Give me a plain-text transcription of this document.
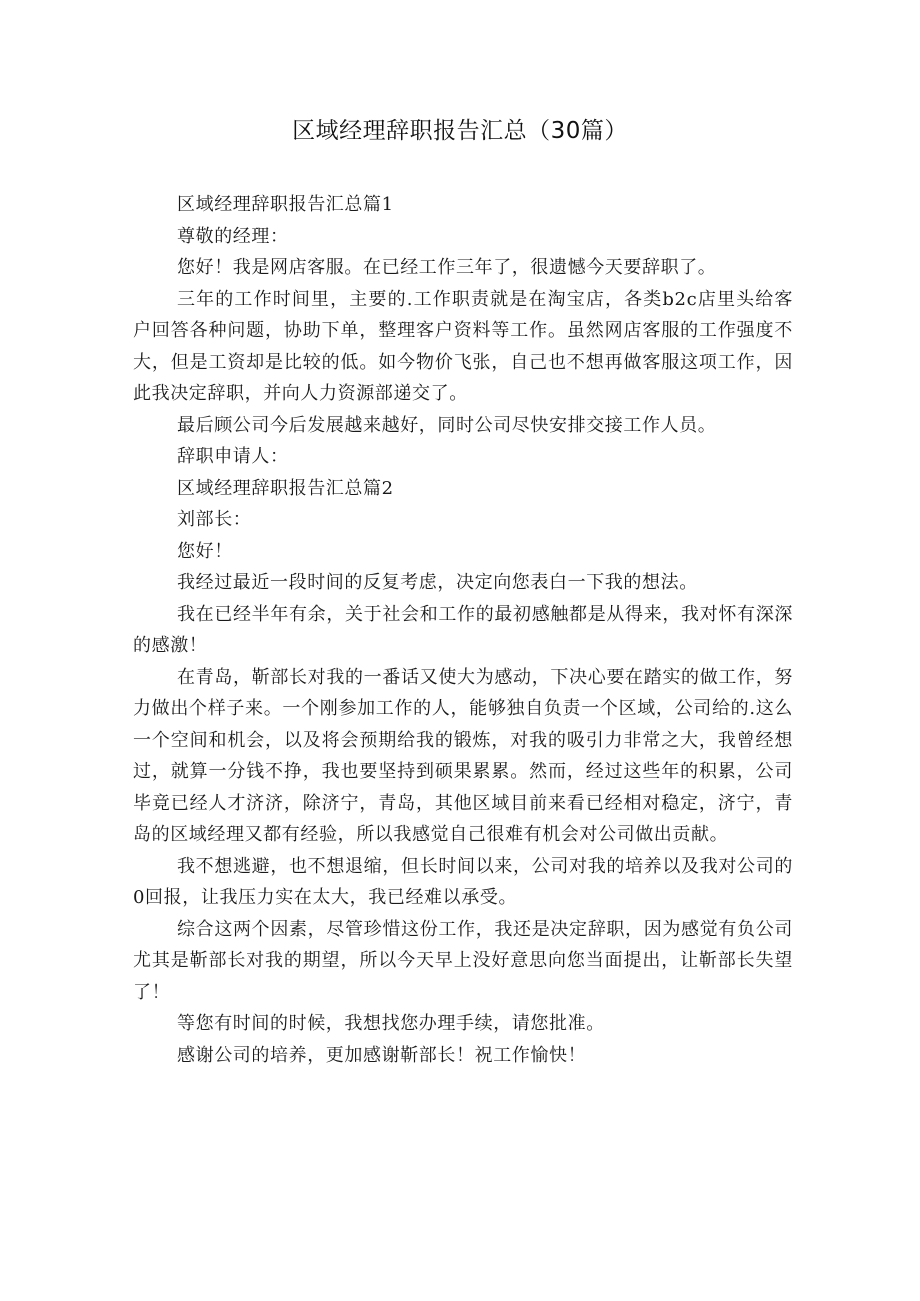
区域经理辞职报告汇总（30篇）

区域经理辞职报告汇总篇1

尊敬的经理：

您好！我是网店客服。在已经工作三年了，很遗憾今天要辞职了。

三年的工作时间里，主要的.工作职责就是在淘宝店，各类b2c店里头给客户回答各种问题，协助下单，整理客户资料等工作。虽然网店客服的工作强度不大，但是工资却是比较的低。如今物价飞张，自己也不想再做客服这项工作，因此我决定辞职，并向人力资源部递交了。

最后顾公司今后发展越来越好，同时公司尽快安排交接工作人员。

辞职申请人：

区域经理辞职报告汇总篇2

刘部长：

您好！

我经过最近一段时间的反复考虑，决定向您表白一下我的想法。

我在已经半年有余，关于社会和工作的最初感触都是从得来，我对怀有深深的感激！

在青岛，靳部长对我的一番话又使大为感动，下决心要在踏实的做工作，努力做出个样子来。一个刚参加工作的人，能够独自负责一个区域，公司给的.这么一个空间和机会，以及将会预期给我的锻炼，对我的吸引力非常之大，我曾经想过，就算一分钱不挣，我也要坚持到硕果累累。然而，经过这些年的积累，公司毕竟已经人才济济，除济宁，青岛，其他区域目前来看已经相对稳定，济宁，青岛的区域经理又都有经验，所以我感觉自己很难有机会对公司做出贡献。

我不想逃避，也不想退缩，但长时间以来，公司对我的培养以及我对公司的0回报，让我压力实在太大，我已经难以承受。

综合这两个因素，尽管珍惜这份工作，我还是决定辞职，因为感觉有负公司尤其是靳部长对我的期望，所以今天早上没好意思向您当面提出，让靳部长失望了！

等您有时间的时候，我想找您办理手续，请您批准。

感谢公司的培养，更加感谢靳部长！祝工作愉快！
